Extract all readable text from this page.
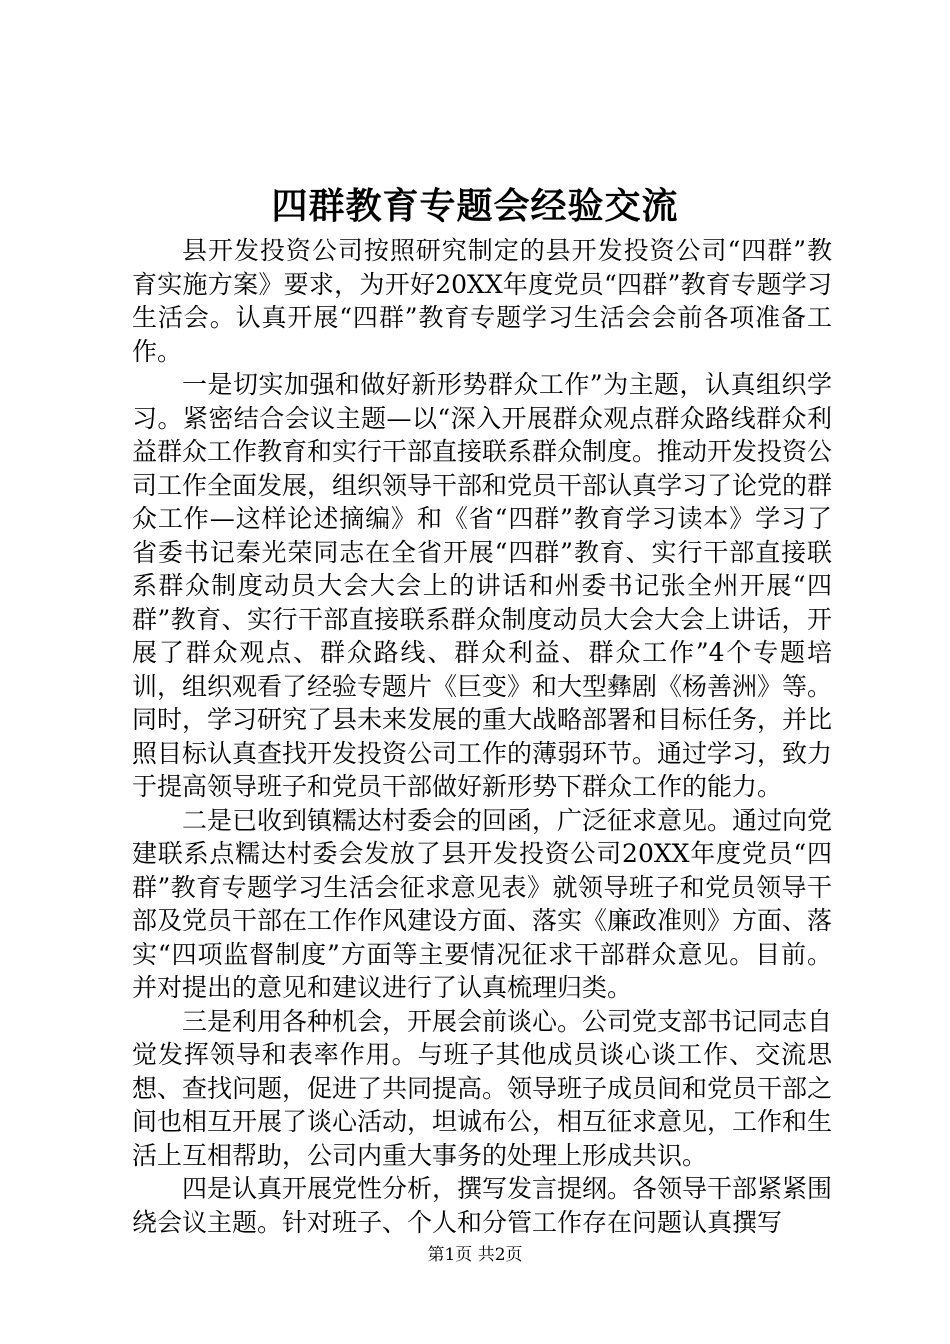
四群教育专题会经验交流

县开发投资公司按照研究制定的县开发投资公司“四群”教育实施方案》要求，为开好20XX年度党员“四群”教育专题学习生活会。认真开展“四群”教育专题学习生活会会前各项准备工作。

一是切实加强和做好新形势群众工作”为主题，认真组织学习。紧密结合会议主题—以“深入开展群众观点群众路线群众利益群众工作教育和实行干部直接联系群众制度。推动开发投资公司工作全面发展，组织领导干部和党员干部认真学习了论党的群众工作—这样论述摘编》和《省“四群”教育学习读本》学习了省委书记秦光荣同志在全省开展“四群”教育、实行干部直接联系群众制度动员大会大会上的讲话和州委书记张全州开展“四群”教育、实行干部直接联系群众制度动员大会大会上讲话，开展了群众观点、群众路线、群众利益、群众工作”4个专题培训，组织观看了经验专题片《巨变》和大型彝剧《杨善洲》等。同时，学习研究了县未来发展的重大战略部署和目标任务，并比照目标认真查找开发投资公司工作的薄弱环节。通过学习，致力于提高领导班子和党员干部做好新形势下群众工作的能力。

二是已收到镇糯达村委会的回函，广泛征求意见。通过向党建联系点糯达村委会发放了县开发投资公司20XX年度党员“四群”教育专题学习生活会征求意见表》就领导班子和党员领导干部及党员干部在工作作风建设方面、落实《廉政准则》方面、落实“四项监督制度”方面等主要情况征求干部群众意见。目前。并对提出的意见和建议进行了认真梳理归类。

三是利用各种机会，开展会前谈心。公司党支部书记同志自觉发挥领导和表率作用。与班子其他成员谈心谈工作、交流思想、查找问题，促进了共同提高。领导班子成员间和党员干部之间也相互开展了谈心活动，坦诚布公，相互征求意见，工作和生活上互相帮助，公司内重大事务的处理上形成共识。

四是认真开展党性分析，撰写发言提纲。各领导干部紧紧围绕会议主题。针对班子、个人和分管工作存在问题认真撰写

第1页 共2页
